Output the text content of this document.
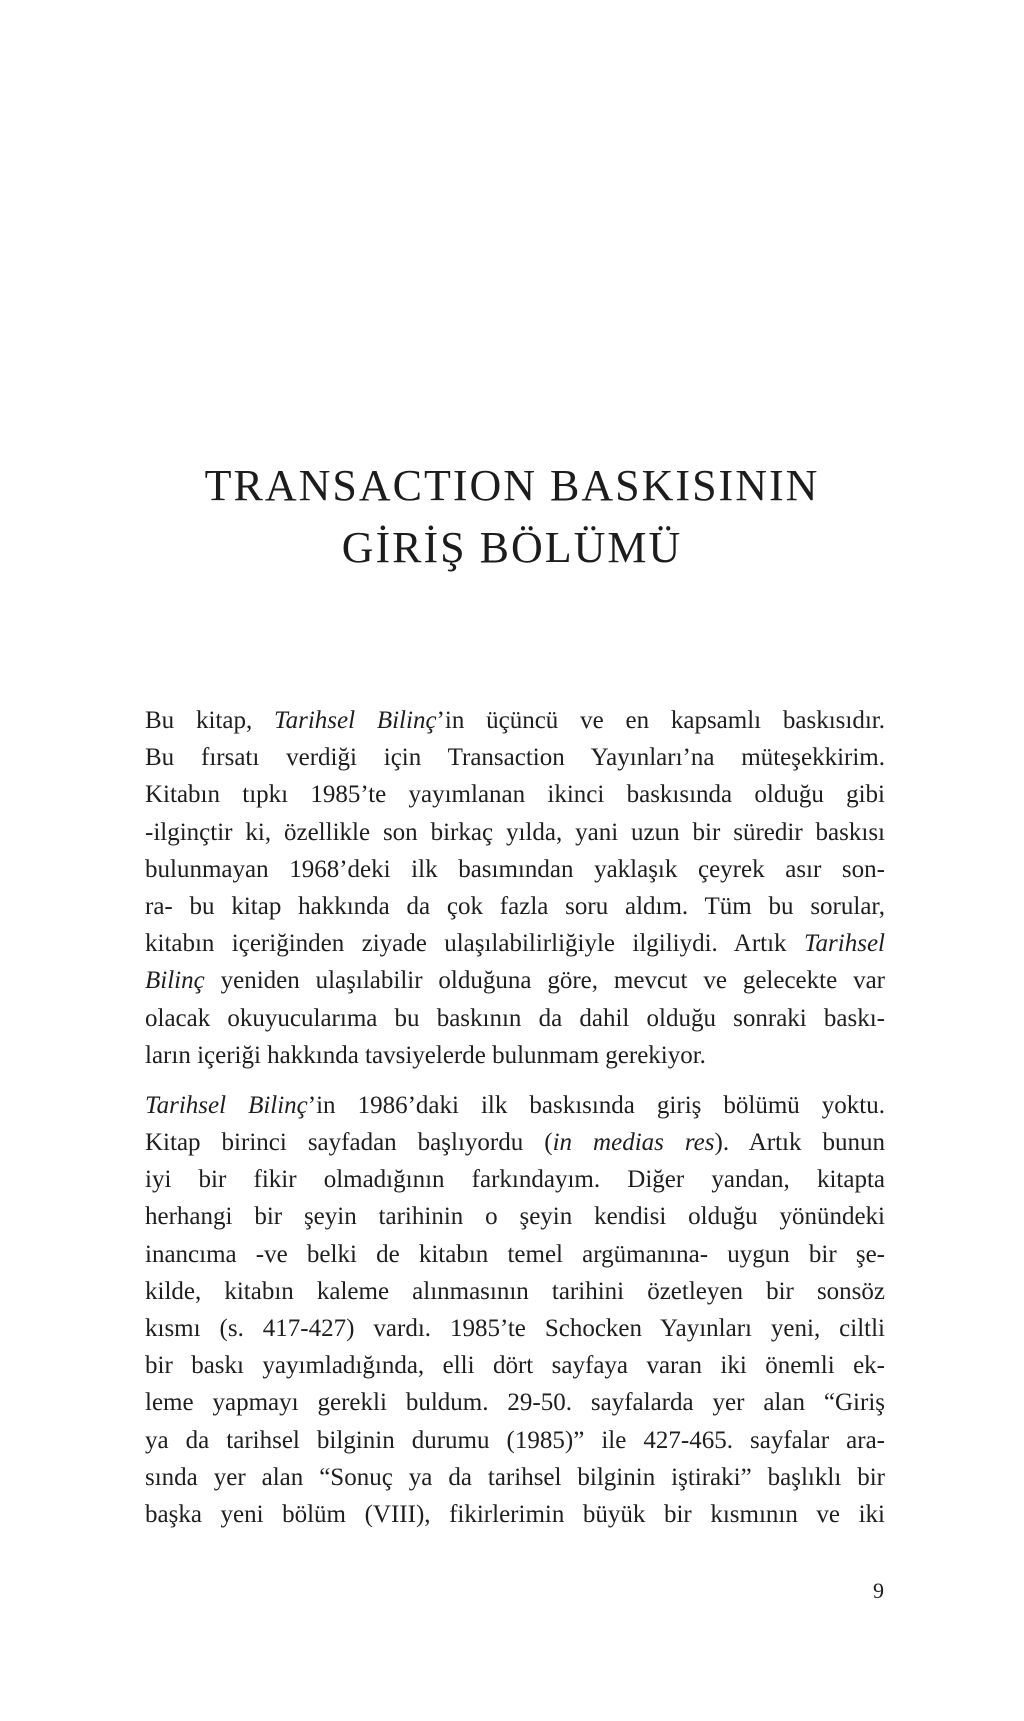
TRANSACTION BASKISININ
GİRİŞ BÖLÜMÜ
Bu kitap, Tarihsel Bilinç’in üçüncü ve en kapsamlı baskısıdır.
Bu fırsatı verdiği için Transaction Yayınları’na müteşekkirim.
Kitabın tıpkı 1985’te yayımlanan ikinci baskısında olduğu gibi
-ilginçtir ki, özellikle son birkaç yılda, yani uzun bir süredir baskısı
bulunmayan 1968’deki ilk basımından yaklaşık çeyrek asır son-
ra- bu kitap hakkında da çok fazla soru aldım. Tüm bu sorular,
kitabın içeriğinden ziyade ulaşılabilirliğiyle ilgiliydi. Artık Tarihsel
Bilinç yeniden ulaşılabilir olduğuna göre, mevcut ve gelecekte var
olacak okuyucularıma bu baskının da dahil olduğu sonraki baskı-
ların içeriği hakkında tavsiyelerde bulunmam gerekiyor.
Tarihsel Bilinç’in 1986’daki ilk baskısında giriş bölümü yoktu.
Kitap birinci sayfadan başlıyordu (in medias res). Artık bunun
iyi bir fikir olmadığının farkındayım. Diğer yandan, kitapta
herhangi bir şeyin tarihinin o şeyin kendisi olduğu yönündeki
inancıma -ve belki de kitabın temel argümanına- uygun bir şe-
kilde, kitabın kaleme alınmasının tarihini özetleyen bir sonsöz
kısmı (s. 417-427) vardı. 1985’te Schocken Yayınları yeni, ciltli
bir baskı yayımladığında, elli dört sayfaya varan iki önemli ek-
leme yapmayı gerekli buldum. 29-50. sayfalarda yer alan “Giriş
ya da tarihsel bilginin durumu (1985)” ile 427-465. sayfalar ara-
sında yer alan “Sonuç ya da tarihsel bilginin iştiraki” başlıklı bir
başka yeni bölüm (VIII), fikirlerimin büyük bir kısmının ve iki
9
